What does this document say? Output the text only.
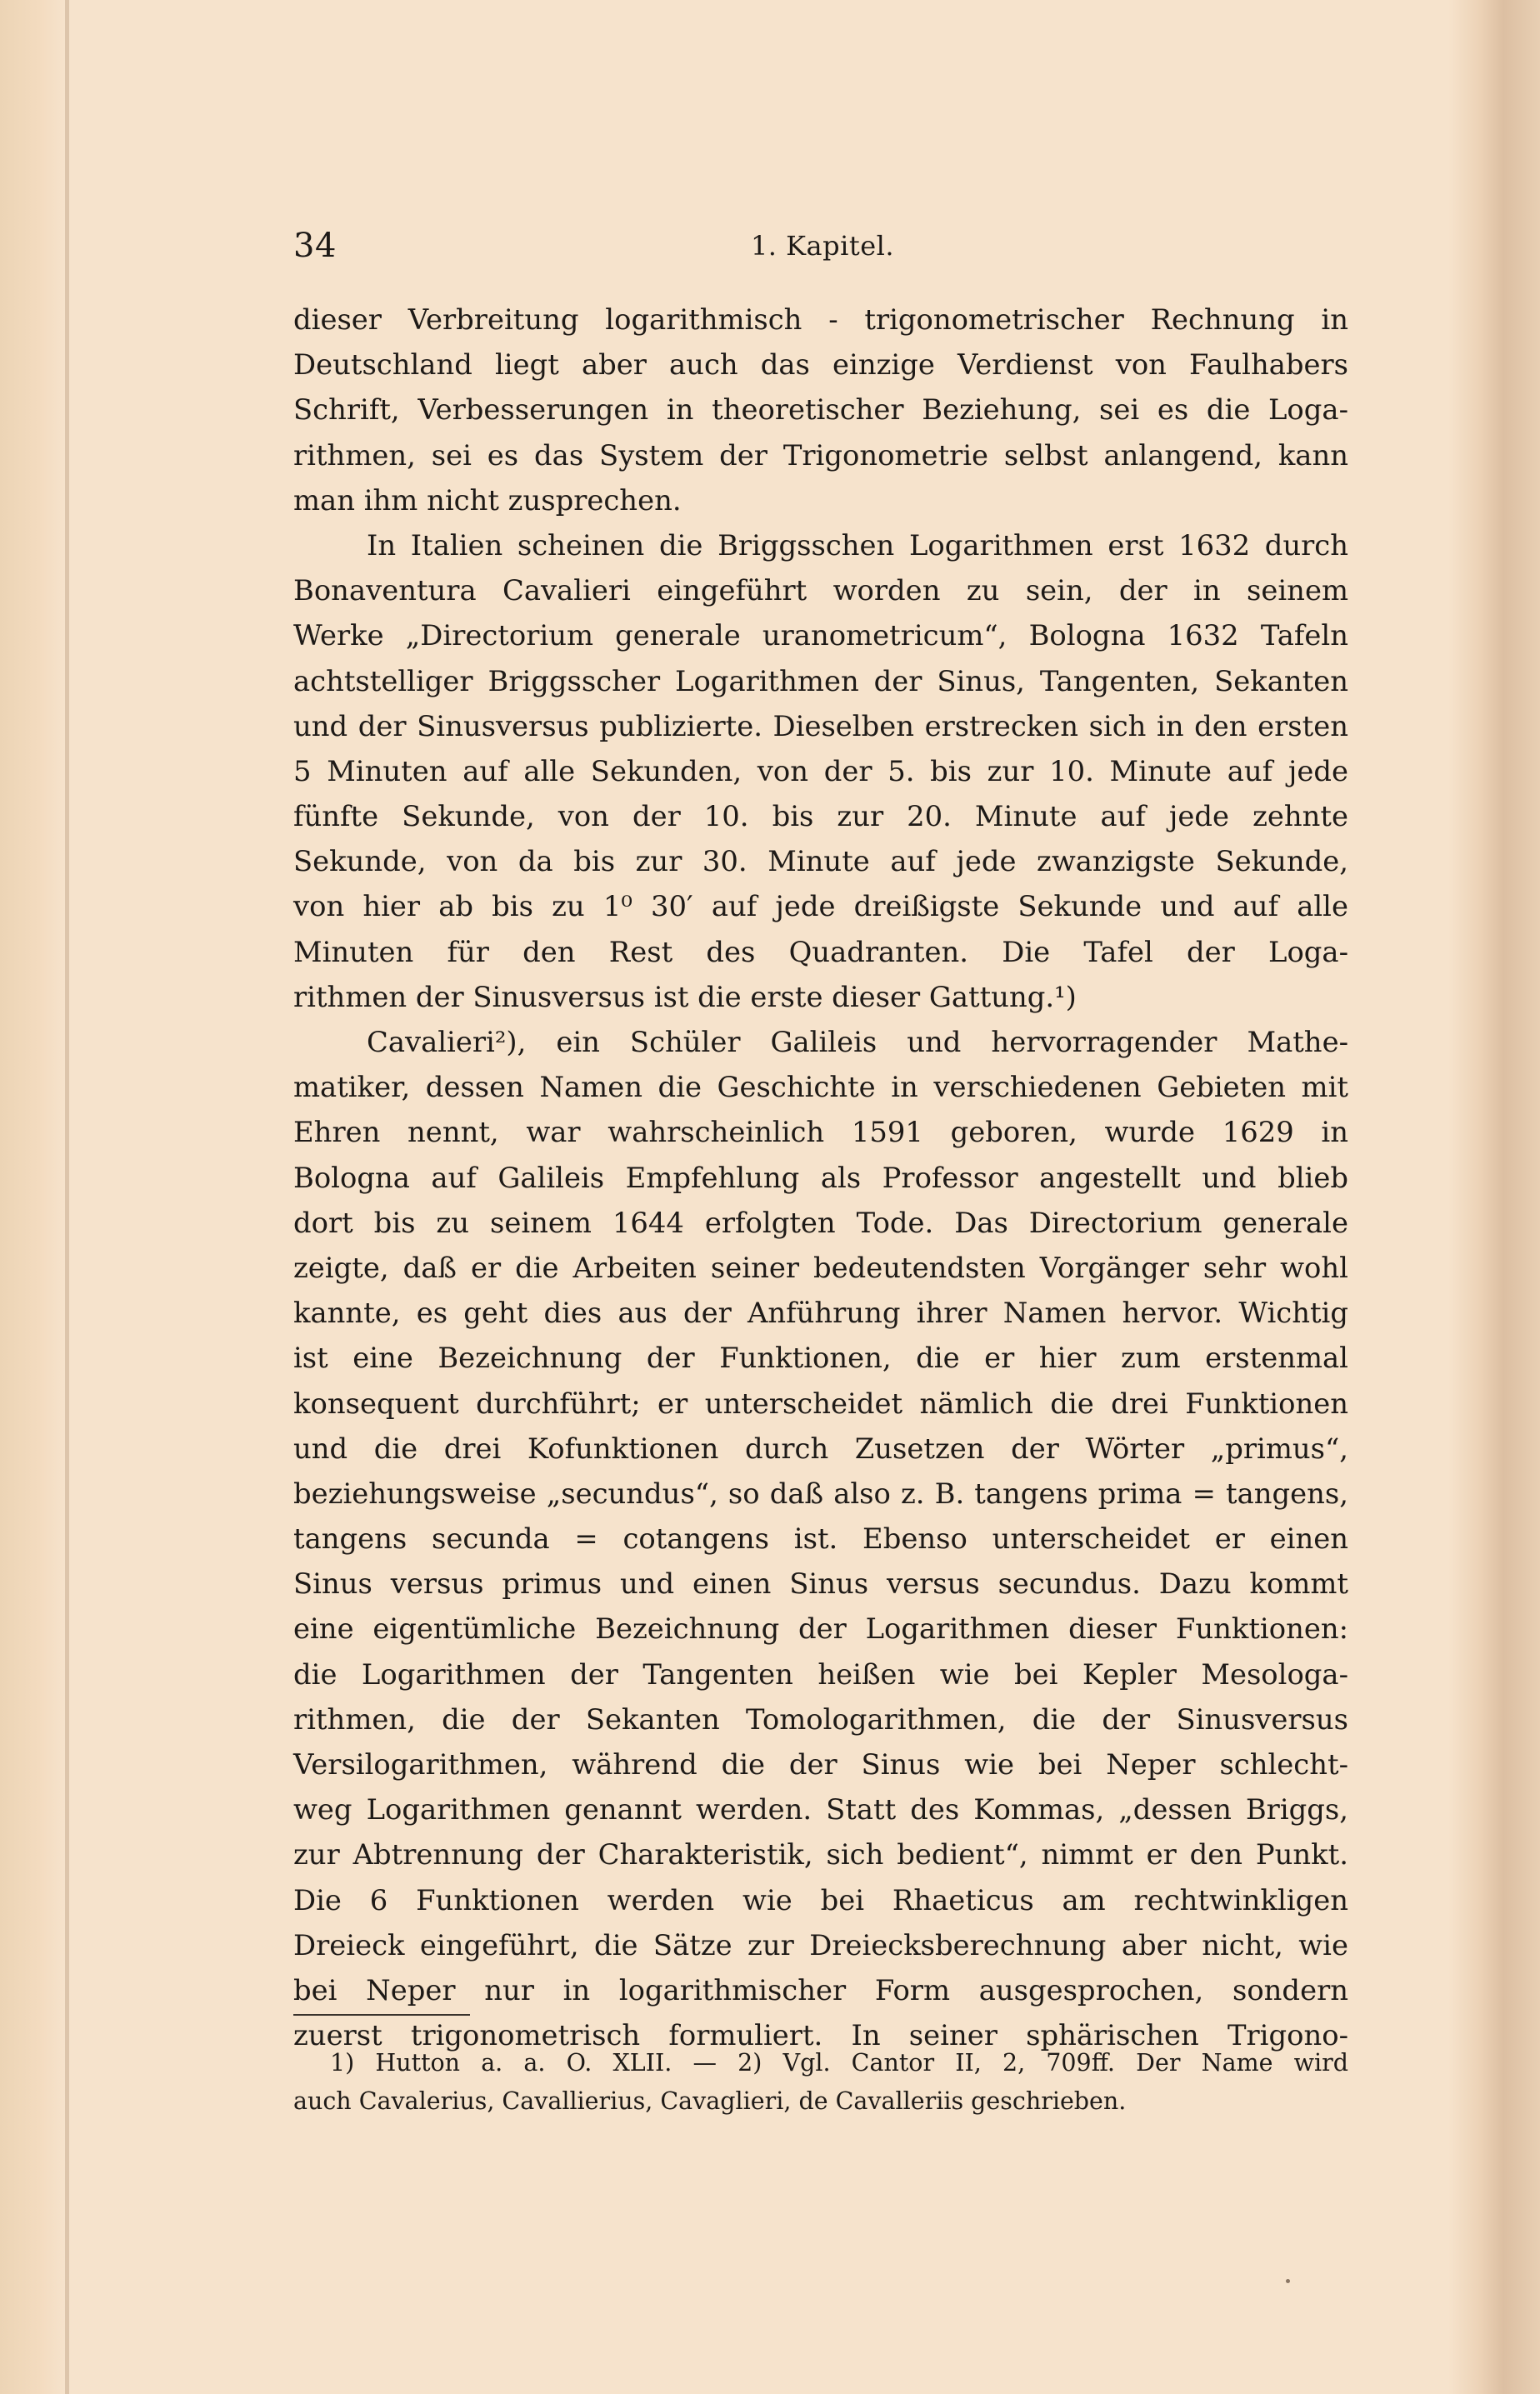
34	1. Kapitel.
dieser Verbreitung logarithmisch - trigonometrischer Rechnung in
Deutschland liegt aber auch das einzige Verdienst von Faulhabers
Schrift, Verbesserungen in theoretischer Beziehung, sei es die Loga-
rithmen, sei es das System der Trigonometrie selbst anlangend, kann
man ihm nicht zusprechen.
In Italien scheinen die Briggsschen Logarithmen erst 1632 durch
Bonaventura Cavalieri eingeführt worden zu sein, der in seinem
Werke „Directorium generale uranometricum“, Bologna 1632 Tafeln
achtstelliger Briggsscher Logarithmen der Sinus, Tangenten, Sekanten
und der Sinusversus publizierte. Dieselben erstrecken sich in den ersten
5 Minuten auf alle Sekunden, von der 5. bis zur 10. Minute auf jede
fünfte Sekunde, von der 10. bis zur 20. Minute auf jede zehnte
Sekunde, von da bis zur 30. Minute auf jede zwanzigste Sekunde,
von hier ab bis zu 1⁰ 30′ auf jede dreißigste Sekunde und auf alle
Minuten für den Rest des Quadranten. Die Tafel der Loga-
rithmen der Sinusversus ist die erste dieser Gattung.¹)
Cavalieri²), ein Schüler Galileis und hervorragender Mathe-
matiker, dessen Namen die Geschichte in verschiedenen Gebieten mit
Ehren nennt, war wahrscheinlich 1591 geboren, wurde 1629 in
Bologna auf Galileis Empfehlung als Professor angestellt und blieb
dort bis zu seinem 1644 erfolgten Tode. Das Directorium generale
zeigte, daß er die Arbeiten seiner bedeutendsten Vorgänger sehr wohl
kannte, es geht dies aus der Anführung ihrer Namen hervor. Wichtig
ist eine Bezeichnung der Funktionen, die er hier zum erstenmal
konsequent durchführt; er unterscheidet nämlich die drei Funktionen
und die drei Kofunktionen durch Zusetzen der Wörter „primus“,
beziehungsweise „secundus“, so daß also z. B. tangens prima = tangens,
tangens secunda = cotangens ist. Ebenso unterscheidet er einen
Sinus versus primus und einen Sinus versus secundus. Dazu kommt
eine eigentümliche Bezeichnung der Logarithmen dieser Funktionen:
die Logarithmen der Tangenten heißen wie bei Kepler Mesologa-
rithmen, die der Sekanten Tomologarithmen, die der Sinusversus
Versilogarithmen, während die der Sinus wie bei Neper schlecht-
weg Logarithmen genannt werden. Statt des Kommas, „dessen Briggs,
zur Abtrennung der Charakteristik, sich bedient“, nimmt er den Punkt.
Die 6 Funktionen werden wie bei Rhaeticus am rechtwinkligen
Dreieck eingeführt, die Sätze zur Dreiecksberechnung aber nicht, wie
bei Neper nur in logarithmischer Form ausgesprochen, sondern
zuerst trigonometrisch formuliert. In seiner sphärischen Trigono-
1) Hutton a. a. O. XLII. — 2) Vgl. Cantor II, 2, 709ff. Der Name wird
auch Cavalerius, Cavallierius, Cavaglieri, de Cavalleriis geschrieben.
